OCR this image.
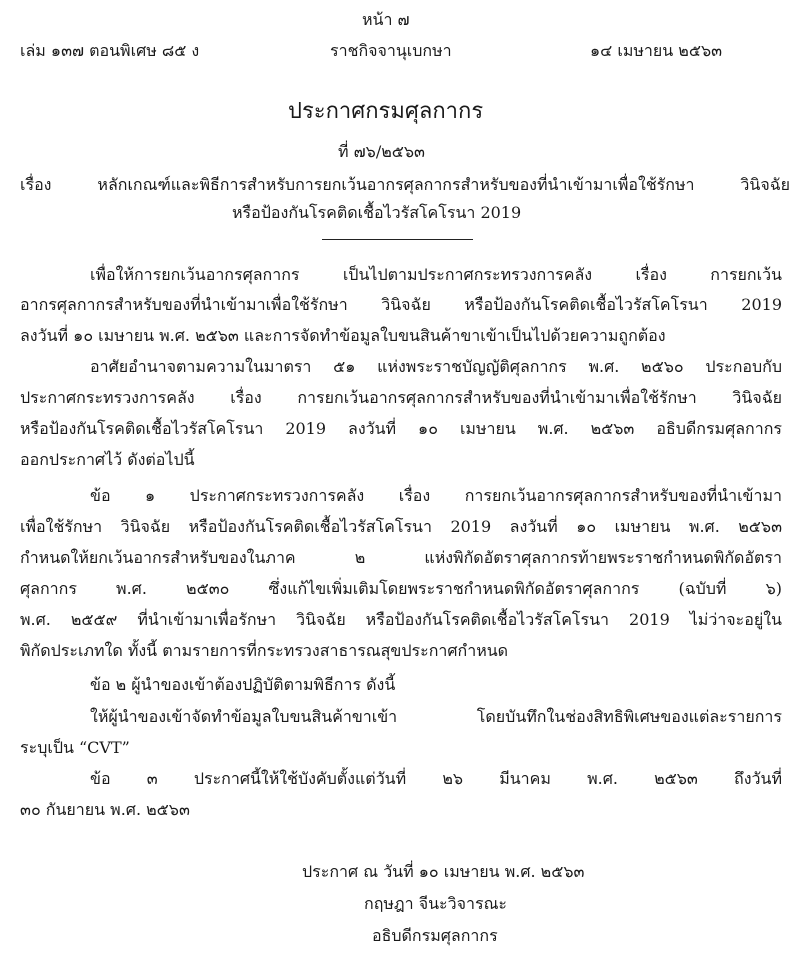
หน้า ๗
เล่ม ๑๓๗ ตอนพิเศษ ๘๕ ง	ราชกิจจานุเบกษา	๑๔ เมษายน ๒๕๖๓
ประกาศกรมศุลกากร
ที่ ๗๖/๒๕๖๓
เรื่อง หลักเกณฑ์และพิธีการสำหรับการยกเว้นอากรศุลกากรสำหรับของที่นำเข้ามาเพื่อใช้รักษา วินิจฉัย
หรือป้องกันโรคติดเชื้อไวรัสโคโรนา 2019
เพื่อให้การยกเว้นอากรศุลกากร เป็นไปตามประกาศกระทรวงการคลัง เรื่อง การยกเว้น
อากรศุลกากรสำหรับของที่นำเข้ามาเพื่อใช้รักษา วินิจฉัย หรือป้องกันโรคติดเชื้อไวรัสโคโรนา 2019
ลงวันที่ ๑๐ เมษายน พ.ศ. ๒๕๖๓ และการจัดทำข้อมูลใบขนสินค้าขาเข้าเป็นไปด้วยความถูกต้อง
อาศัยอำนาจตามความในมาตรา ๕๑ แห่งพระราชบัญญัติศุลกากร พ.ศ. ๒๕๖๐ ประกอบกับ
ประกาศกระทรวงการคลัง เรื่อง การยกเว้นอากรศุลกากรสำหรับของที่นำเข้ามาเพื่อใช้รักษา วินิจฉัย
หรือป้องกันโรคติดเชื้อไวรัสโคโรนา 2019 ลงวันที่ ๑๐ เมษายน พ.ศ. ๒๕๖๓ อธิบดีกรมศุลกากร
ออกประกาศไว้ ดังต่อไปนี้
ข้อ ๑ ประกาศกระทรวงการคลัง เรื่อง การยกเว้นอากรศุลกากรสำหรับของที่นำเข้ามา
เพื่อใช้รักษา วินิจฉัย หรือป้องกันโรคติดเชื้อไวรัสโคโรนา 2019 ลงวันที่ ๑๐ เมษายน พ.ศ. ๒๕๖๓
กำหนดให้ยกเว้นอากรสำหรับของในภาค ๒ แห่งพิกัดอัตราศุลกากรท้ายพระราชกำหนดพิกัดอัตรา
ศุลกากร พ.ศ. ๒๕๓๐ ซึ่งแก้ไขเพิ่มเติมโดยพระราชกำหนดพิกัดอัตราศุลกากร (ฉบับที่ ๖)
พ.ศ. ๒๕๕๙ ที่นำเข้ามาเพื่อรักษา วินิจฉัย หรือป้องกันโรคติดเชื้อไวรัสโคโรนา 2019 ไม่ว่าจะอยู่ใน
พิกัดประเภทใด ทั้งนี้ ตามรายการที่กระทรวงสาธารณสุขประกาศกำหนด
ข้อ ๒ ผู้นำของเข้าต้องปฏิบัติตามพิธีการ ดังนี้
ให้ผู้นำของเข้าจัดทำข้อมูลใบขนสินค้าขาเข้า โดยบันทึกในช่องสิทธิพิเศษของแต่ละรายการ
ระบุเป็น “CVT”
ข้อ ๓ ประกาศนี้ให้ใช้บังคับตั้งแต่วันที่ ๒๖ มีนาคม พ.ศ. ๒๕๖๓ ถึงวันที่
๓๐ กันยายน พ.ศ. ๒๕๖๓
ประกาศ ณ วันที่ ๑๐ เมษายน พ.ศ. ๒๕๖๓
กฤษฎา จีนะวิจารณะ
อธิบดีกรมศุลกากร
